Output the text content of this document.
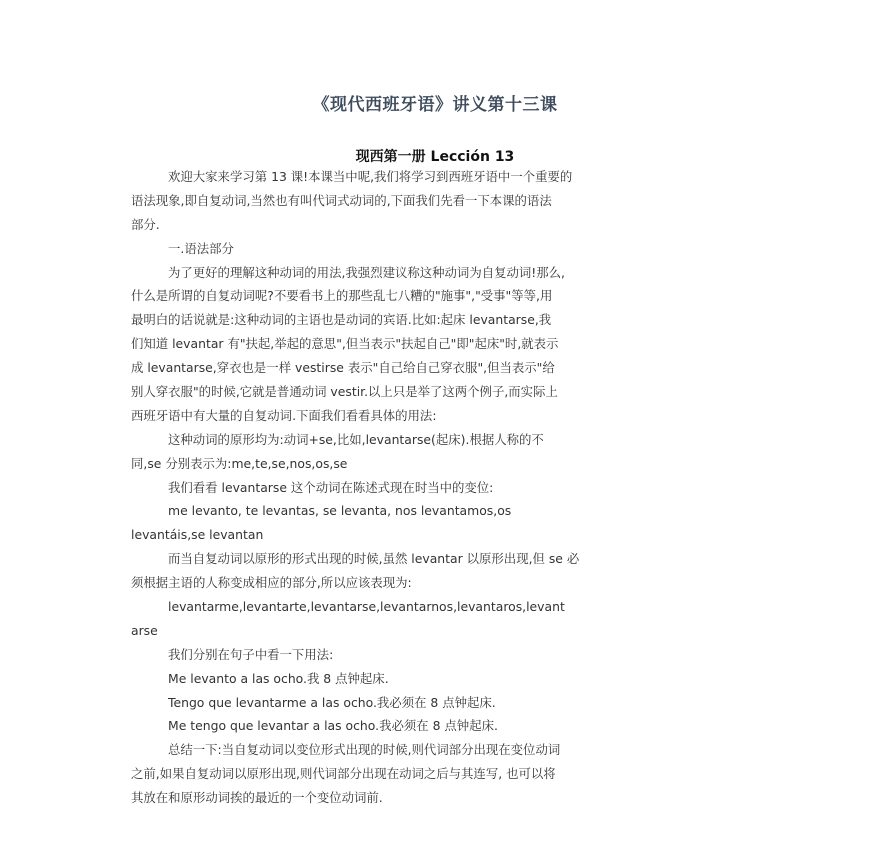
《现代西班牙语》讲义第十三课
现西第一册 Lección 13
欢迎大家来学习第 13 课!本课当中呢,我们将学习到西班牙语中一个重要的
语法现象,即自复动词,当然也有叫代词式动词的,下面我们先看一下本课的语法
部分.
一.语法部分
为了更好的理解这种动词的用法,我强烈建议称这种动词为自复动词!那么,
什么是所谓的自复动词呢?不要看书上的那些乱七八糟的"施事","受事"等等,用
最明白的话说就是:这种动词的主语也是动词的宾语.比如:起床 levantarse,我
们知道 levantar 有"扶起,举起的意思",但当表示"扶起自己"即"起床"时,就表示
成 levantarse,穿衣也是一样 vestirse 表示"自己给自己穿衣服",但当表示"给
别人穿衣服"的时候,它就是普通动词 vestir.以上只是举了这两个例子,而实际上
西班牙语中有大量的自复动词.下面我们看看具体的用法:
这种动词的原形均为:动词+se,比如,levantarse(起床).根据人称的不
同,se 分别表示为:me,te,se,nos,os,se
我们看看 levantarse 这个动词在陈述式现在时当中的变位:
me levanto, te levantas, se levanta, nos levantamos,os
levantáis,se levantan
而当自复动词以原形的形式出现的时候,虽然 levantar 以原形出现,但 se 必
须根据主语的人称变成相应的部分,所以应该表现为:
levantarme,levantarte,levantarse,levantarnos,levantaros,levant
arse
我们分别在句子中看一下用法:
Me levanto a las ocho.我 8 点钟起床.
Tengo que levantarme a las ocho.我必须在 8 点钟起床.
Me tengo que levantar a las ocho.我必须在 8 点钟起床.
总结一下:当自复动词以变位形式出现的时候,则代词部分出现在变位动词
之前,如果自复动词以原形出现,则代词部分出现在动词之后与其连写, 也可以将
其放在和原形动词挨的最近的一个变位动词前.
